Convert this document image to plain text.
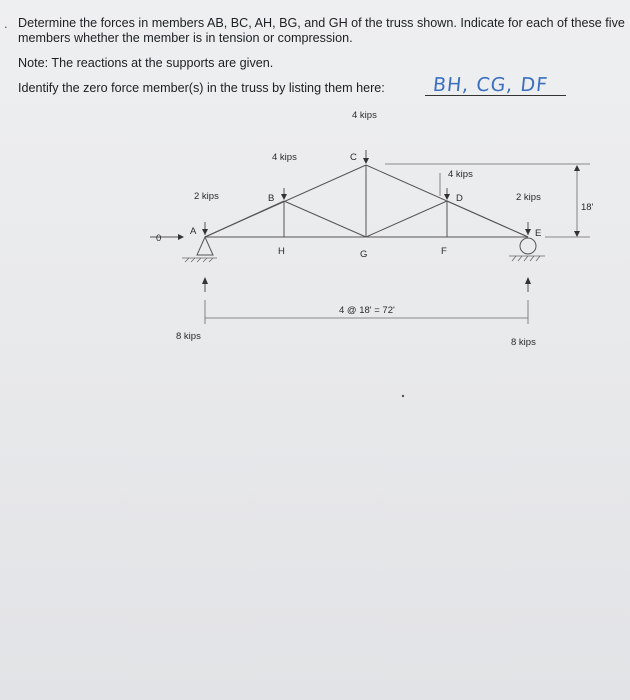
. Determine the forces in members AB, BC, AH, BG, and GH of the truss shown. Indicate for each of these five members whether the member is in tension or compression.
Note: The reactions at the supports are given.
Identify the zero force member(s) in the truss by listing them here: BH, CG, DF
4 kips
4 kips
4 kips
2 kips	2 kips
C
B	D
A	E
H	G	F
4 @ 18' = 72'
18'
8 kips
8 kips
0
